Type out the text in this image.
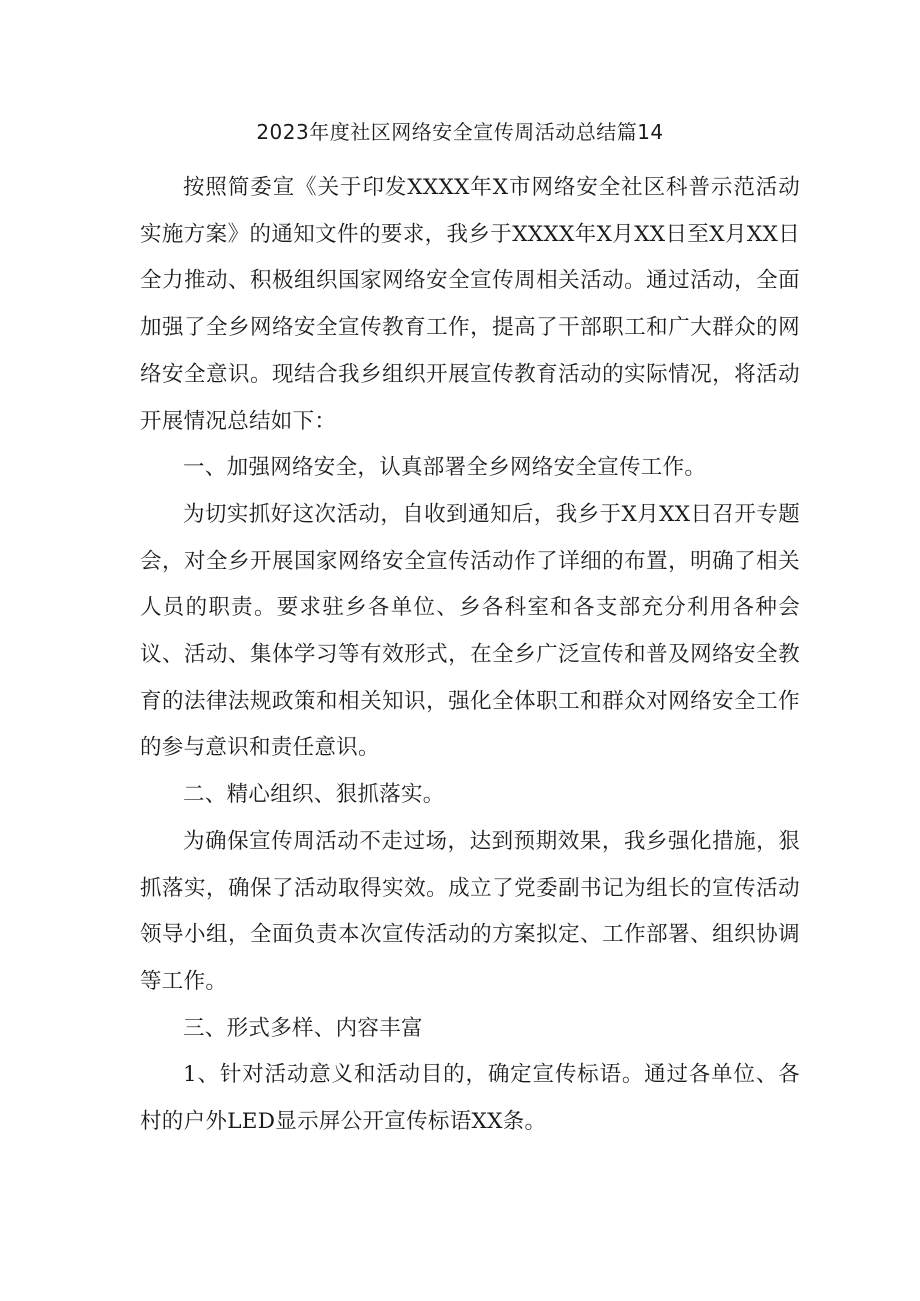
2023年度社区网络安全宣传周活动总结篇14

按照简委宣《关于印发XXXX年X市网络安全社区科普示范活动实施方案》的通知文件的要求，我乡于XXXX年X月XX日至X月XX日全力推动、积极组织国家网络安全宣传周相关活动。通过活动，全面加强了全乡网络安全宣传教育工作，提高了干部职工和广大群众的网络安全意识。现结合我乡组织开展宣传教育活动的实际情况，将活动开展情况总结如下：

一、加强网络安全，认真部署全乡网络安全宣传工作。

为切实抓好这次活动，自收到通知后，我乡于X月XX日召开专题会，对全乡开展国家网络安全宣传活动作了详细的布置，明确了相关人员的职责。要求驻乡各单位、乡各科室和各支部充分利用各种会议、活动、集体学习等有效形式，在全乡广泛宣传和普及网络安全教育的法律法规政策和相关知识，强化全体职工和群众对网络安全工作的参与意识和责任意识。

二、精心组织、狠抓落实。

为确保宣传周活动不走过场，达到预期效果，我乡强化措施，狠抓落实，确保了活动取得实效。成立了党委副书记为组长的宣传活动领导小组，全面负责本次宣传活动的方案拟定、工作部署、组织协调等工作。

三、形式多样、内容丰富

1、针对活动意义和活动目的，确定宣传标语。通过各单位、各村的户外LED显示屏公开宣传标语XX条。
